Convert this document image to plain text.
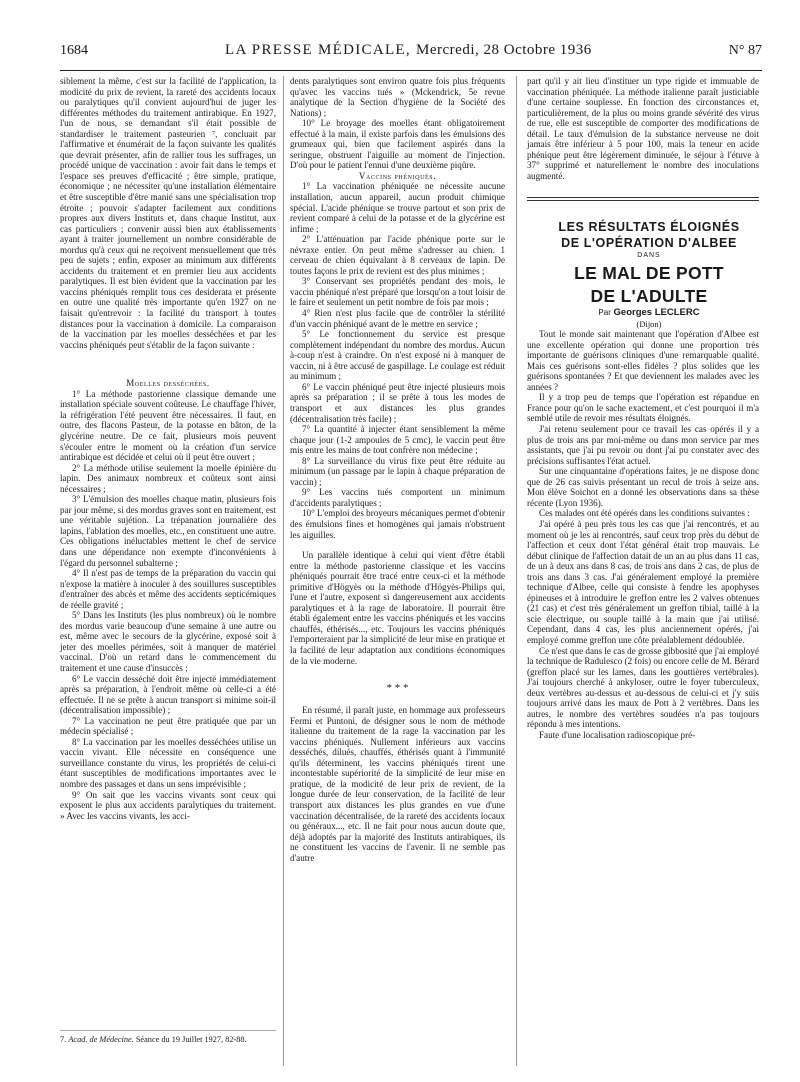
1684	LA PRESSE MÉDICALE, Mercredi, 28 Octobre 1936	N° 87

siblement la même, c'est sur la facilité de l'application, la modicité du prix de revient, la rareté des accidents locaux ou paralytiques qu'il convient aujourd'hui de juger les différentes méthodes du traitement antirabique. En 1927, l'un de nous, se demandant s'il était possible de standardiser le traitement pasteurien ⁷, concluait par l'affirmative et énumérait de la façon suivante les qualités que devrait présenter, afin de rallier tous les suffrages, un procédé unique de vaccination : avoir fait dans le temps et l'espace ses preuves d'efficacité ; être simple, pratique, économique ; ne nécessiter qu'une installation élémentaire et être susceptible d'être manié sans une spécialisation trop étroite ; pouvoir s'adapter facilement aux conditions propres aux divers Instituts et, dans chaque Institut, aux cas particuliers ; convenir aussi bien aux établissements ayant à traiter journellement un nombre considérable de mordus qu'à ceux qui ne reçoivent mensuellement que très peu de sujets ; enfin, exposer au minimum aux différents accidents du traitement et en premier lieu aux accidents paralytiques. Il est bien évident que la vaccination par les vaccins phéniqués remplit tous ces desiderata et présente en outre une qualité très importante qu'en 1927 on ne faisait qu'entrevoir : la facilité du transport à toutes distances pour la vaccination à domicile. La comparaison de la vaccination par les moelles desséchées et par les vaccins phéniqués peut s'établir de la façon suivante :

Moelles desséchées.

1° La méthode pastorienne classique demande une installation spéciale souvent coûteuse. Le chauffage l'hiver, la réfrigération l'été peuvent être nécessaires. Il faut, en outre, des flacons Pasteur, de la potasse en bâton, de la glycérine neutre. De ce fait, plusieurs mois peuvent s'écouler entre le moment où la création d'un service antirabique est décidée et celui où il peut être ouvert ;

2° La méthode utilise seulement la moelle épinière du lapin. Des animaux nombreux et coûteux sont ainsi nécessaires ;

3° L'émulsion des moelles chaque matin, plusieurs fois par jour même, si des mordus graves sont en traitement, est une véritable sujétion. La trépanation journalière des lapins, l'ablation des moelles, etc., en constituent une autre. Ces obligations inéluctables mettent le chef de service dans une dépendance non exempte d'inconvénients à l'égard du personnel subalterne ;

4° Il n'est pas de temps de la préparation du vaccin qui n'expose la matière à inoculer à des souillures susceptibles d'entraîner des abcès et même des accidents septicémiques de réelle gravité ;

5° Dans les Instituts (les plus nombreux) où le nombre des mordus varie beaucoup d'une semaine à une autre ou est, même avec le secours de la glycérine, exposé soit à jeter des moelles périmées, soit à manquer de matériel vaccinal. D'où un retard dans le commencement du traitement et une cause d'insuccès ;

6° Le vaccin desséché doit être injecté immédiatement après sa préparation, à l'endroit même où celle-ci a été effectuée. Il ne se prête à aucun transport si minime soit-il (décentralisation impossible) ;

7° La vaccination ne peut être pratiquée que par un médecin spécialisé ;

8° La vaccination par les moelles desséchées utilise un vaccin vivant. Elle nécessite en conséquence une surveillance constante du virus, les propriétés de celui-ci étant susceptibles de modifications importantes avec le nombre des passages et dans un sens imprévisible ;

9° On sait que les vaccins vivants sont ceux qui exposent le plus aux accidents paralytiques du traitement. » Avec les vaccins vivants, les acci-

7. Acad. de Médecine. Séance du 19 Juillet 1927, 82-88.

dents paralytiques sont environ quatre fois plus fréquents qu'avec les vaccins tués » (Mckendrick, 5e revue analytique de la Section d'hygiène de la Société des Nations) ;

10° Le broyage des moelles étant obligatoirement effectué à la main, il existe parfois dans les émulsions des grumeaux qui, bien que facilement aspirés dans la seringue, obstruent l'aiguille au moment de l'injection. D'où pour le patient l'ennui d'une deuxième piqûre.

Vaccins phéniqués.

1° La vaccination phéniquée ne nécessite aucune installation, aucun appareil, aucun produit chimique spécial. L'acide phénique se trouve partout et son prix de revient comparé à celui de la potasse et de la glycérine est infime ;

2° L'atténuation par l'acide phénique porte sur le névraxe entier. On peut même s'adresser au chien. 1 cerveau de chien équivalant à 8 cerveaux de lapin. De toutes façons le prix de revient est des plus minimes ;

3° Conservant ses propriétés pendant des mois, le vaccin phéniqué n'est préparé que lorsqu'on a tout loisir de le faire et seulement un petit nombre de fois par mois ;

4° Rien n'est plus facile que de contrôler la stérilité d'un vaccin phéniqué avant de le mettre en service ;

5° Le fonctionnement du service est presque complètement indépendant du nombre des mordus. Aucun à-coup n'est à craindre. On n'est exposé ni à manquer de vaccin, ni à être accusé de gaspillage. Le coulage est réduit au minimum ;

6° Le vaccin phéniqué peut être injecté plusieurs mois après sa préparation ; il se prête à tous les modes de transport et aux distances les plus grandes (décentralisation très facile) ;

7° La quantité à injecter étant sensiblement la même chaque jour (1-2 ampoules de 5 cmc), le vaccin peut être mis entre les mains de tout confrère non médecine ;

8° La surveillance du virus fixe peut être réduite au minimum (un passage par le lapin à chaque préparation de vaccin) ;

9° Les vaccins tués comportent un minimum d'accidents paralytiques ;

10° L'emploi des broyeurs mécaniques permet d'obtenir des émulsions fines et homogènes qui jamais n'obstruent les aiguilles.

Un parallèle identique à celui qui vient d'être établi entre la méthode pastorienne classique et les vaccins phéniqués pourrait être tracé entre ceux-ci et la méthode primitive d'Högyès ou la méthode d'Högyès-Philips qui, l'une et l'autre, exposent si dangereusement aux accidents paralytiques et à la rage de laboratoire. Il pourrait être établi également entre les vaccins phéniqués et les vaccins chauffés, éthérisés..., etc. Toujours les vaccins phéniqués l'emporteraient par la simplicité de leur mise en pratique et la facilité de leur adaptation aux conditions économiques de la vie moderne.

* * *

En résumé, il paraît juste, en hommage aux professeurs Fermi et Puntoni, de désigner sous le nom de méthode italienne du traitement de la rage la vaccination par les vaccins phéniqués. Nullement inférieurs aux vaccins desséchés, dilués, chauffés, éthérisés quant à l'immunité qu'ils déterminent, les vaccins phéniqués tirent une incontestable supériorité de la simplicité de leur mise en pratique, de la modicité de leur prix de revient, de la longue durée de leur conservation, de la facilité de leur transport aux distances les plus grandes en vue d'une vaccination décentralisée, de la rareté des accidents locaux ou généraux..., etc. Il ne fait pour nous aucun doute que, déjà adoptés par la majorité des Instituts antirabiques, ils ne constituent les vaccins de l'avenir. Il ne semble pas d'autre

part qu'il y ait lieu d'instituer un type rigide et immuable de vaccination phéniquée. La méthode italienne paraît justiciable d'une certaine souplesse. En fonction des circonstances et, particulièrement, de la plus ou moins grande sévérité des virus de rue, elle est susceptible de comporter des modifications de détail. Le taux d'émulsion de la substance nerveuse ne doit jamais être inférieur à 5 pour 100, mais la teneur en acide phénique peut être légèrement diminuée, le séjour à l'étuve à 37° supprimé et naturellement le nombre des inoculations augmenté.

LES RÉSULTATS ÉLOIGNÉS

DE L'OPÉRATION D'ALBEE

DANS

LE MAL DE POTT

DE L'ADULTE

Par Georges LECLERC

(Dijon)

Tout le monde sait maintenant que l'opération d'Albee est une excellente opération qui donne une proportion très importante de guérisons cliniques d'une remarquable qualité. Mais ces guérisons sont-elles fidèles ? plus solides que les guérisons spontanées ? Et que deviennent les malades avec les années ?

Il y a trop peu de temps que l'opération est répandue en France pour qu'on le sache exactement, et c'est pourquoi il m'a semblé utile de revoir mes résultats éloignés.

J'ai retenu seulement pour ce travail les cas opérés il y a plus de trois ans par moi-même ou dans mon service par mes assistants, que j'ai pu revoir ou dont j'ai pu constater avec des précisions suffisantes l'état actuel.

Sur une cinquantaine d'opérations faites, je ne dispose donc que de 26 cas suivis présentant un recul de trois à seize ans. Mon élève Soichot en a donné les observations dans sa thèse récente (Lyon 1936).

Ces malades ont été opérés dans les conditions suivantes :

J'ai opéré à peu près tous les cas que j'ai rencontrés, et au moment où je les ai rencontrés, sauf ceux trop près du début de l'affection et ceux dont l'état général était trop mauvais. Le début clinique de l'affection datait de un an au plus dans 11 cas, de un à deux ans dans 8 cas, de trois ans dans 2 cas, de plus de trois ans dans 3 cas. J'ai généralement employé la première technique d'Albee, celle qui consiste à fendre les apophyses épineuses et à introduire le greffon entre les 2 valves obtenues (21 cas) et c'est très généralement un greffon tibial, taillé à la scie électrique, ou souple taillé à la main que j'ai utilisé. Cependant, dans 4 cas, les plus anciennement opérés, j'ai employé comme greffon une côte préalablement dédoublée.

Ce n'est que dans le cas de grosse gibbosité que j'ai employé la technique de Radulesco (2 fois) ou encore celle de M. Bérard (greffon placé sur les lames, dans les gouttières vertébrales). J'ai toujours cherché à ankyloser, outre le foyer tuberculeux, deux vertèbres au-dessus et au-dessous de celui-ci et j'y suis toujours arrivé dans les maux de Pott à 2 vertèbres. Dans les autres, le nombre des vertèbres soudées n'a pas toujours répondu à mes intentions.

Faute d'une localisation radioscopique pré-
